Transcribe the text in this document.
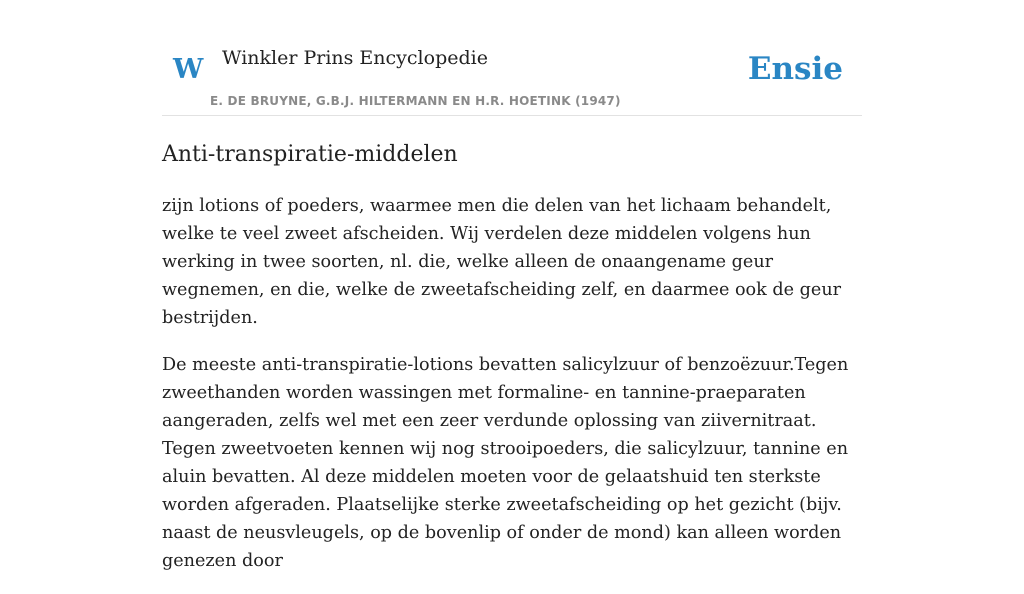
W Winkler Prins Encyclopedie
E. DE BRUYNE, G.B.J. HILTERMANN EN H.R. HOETINK (1947)
Ensie
Anti-transpiratie-middelen

zijn lotions of poeders, waarmee men die delen van het lichaam behandelt, welke te veel zweet afscheiden. Wij verdelen deze middelen volgens hun werking in twee soorten, nl. die, welke alleen de onaangename geur wegnemen, en die, welke de zweetafscheiding zelf, en daarmee ook de geur bestrijden.

De meeste anti-transpiratie-lotions bevatten salicylzuur of benzoëzuur.Tegen zweethanden worden wassingen met formaline- en tannine-praeparaten aangeraden, zelfs wel met een zeer verdunde oplossing van ziivernitraat. Tegen zweetvoeten kennen wij nog strooipoeders, die salicylzuur, tannine en aluin bevatten. Al deze middelen moeten voor de gelaatshuid ten sterkste worden afgeraden. Plaatselijke sterke zweetafscheiding op het gezicht (bijv. naast de neusvleugels, op de bovenlip of onder de mond) kan alleen worden genezen door
